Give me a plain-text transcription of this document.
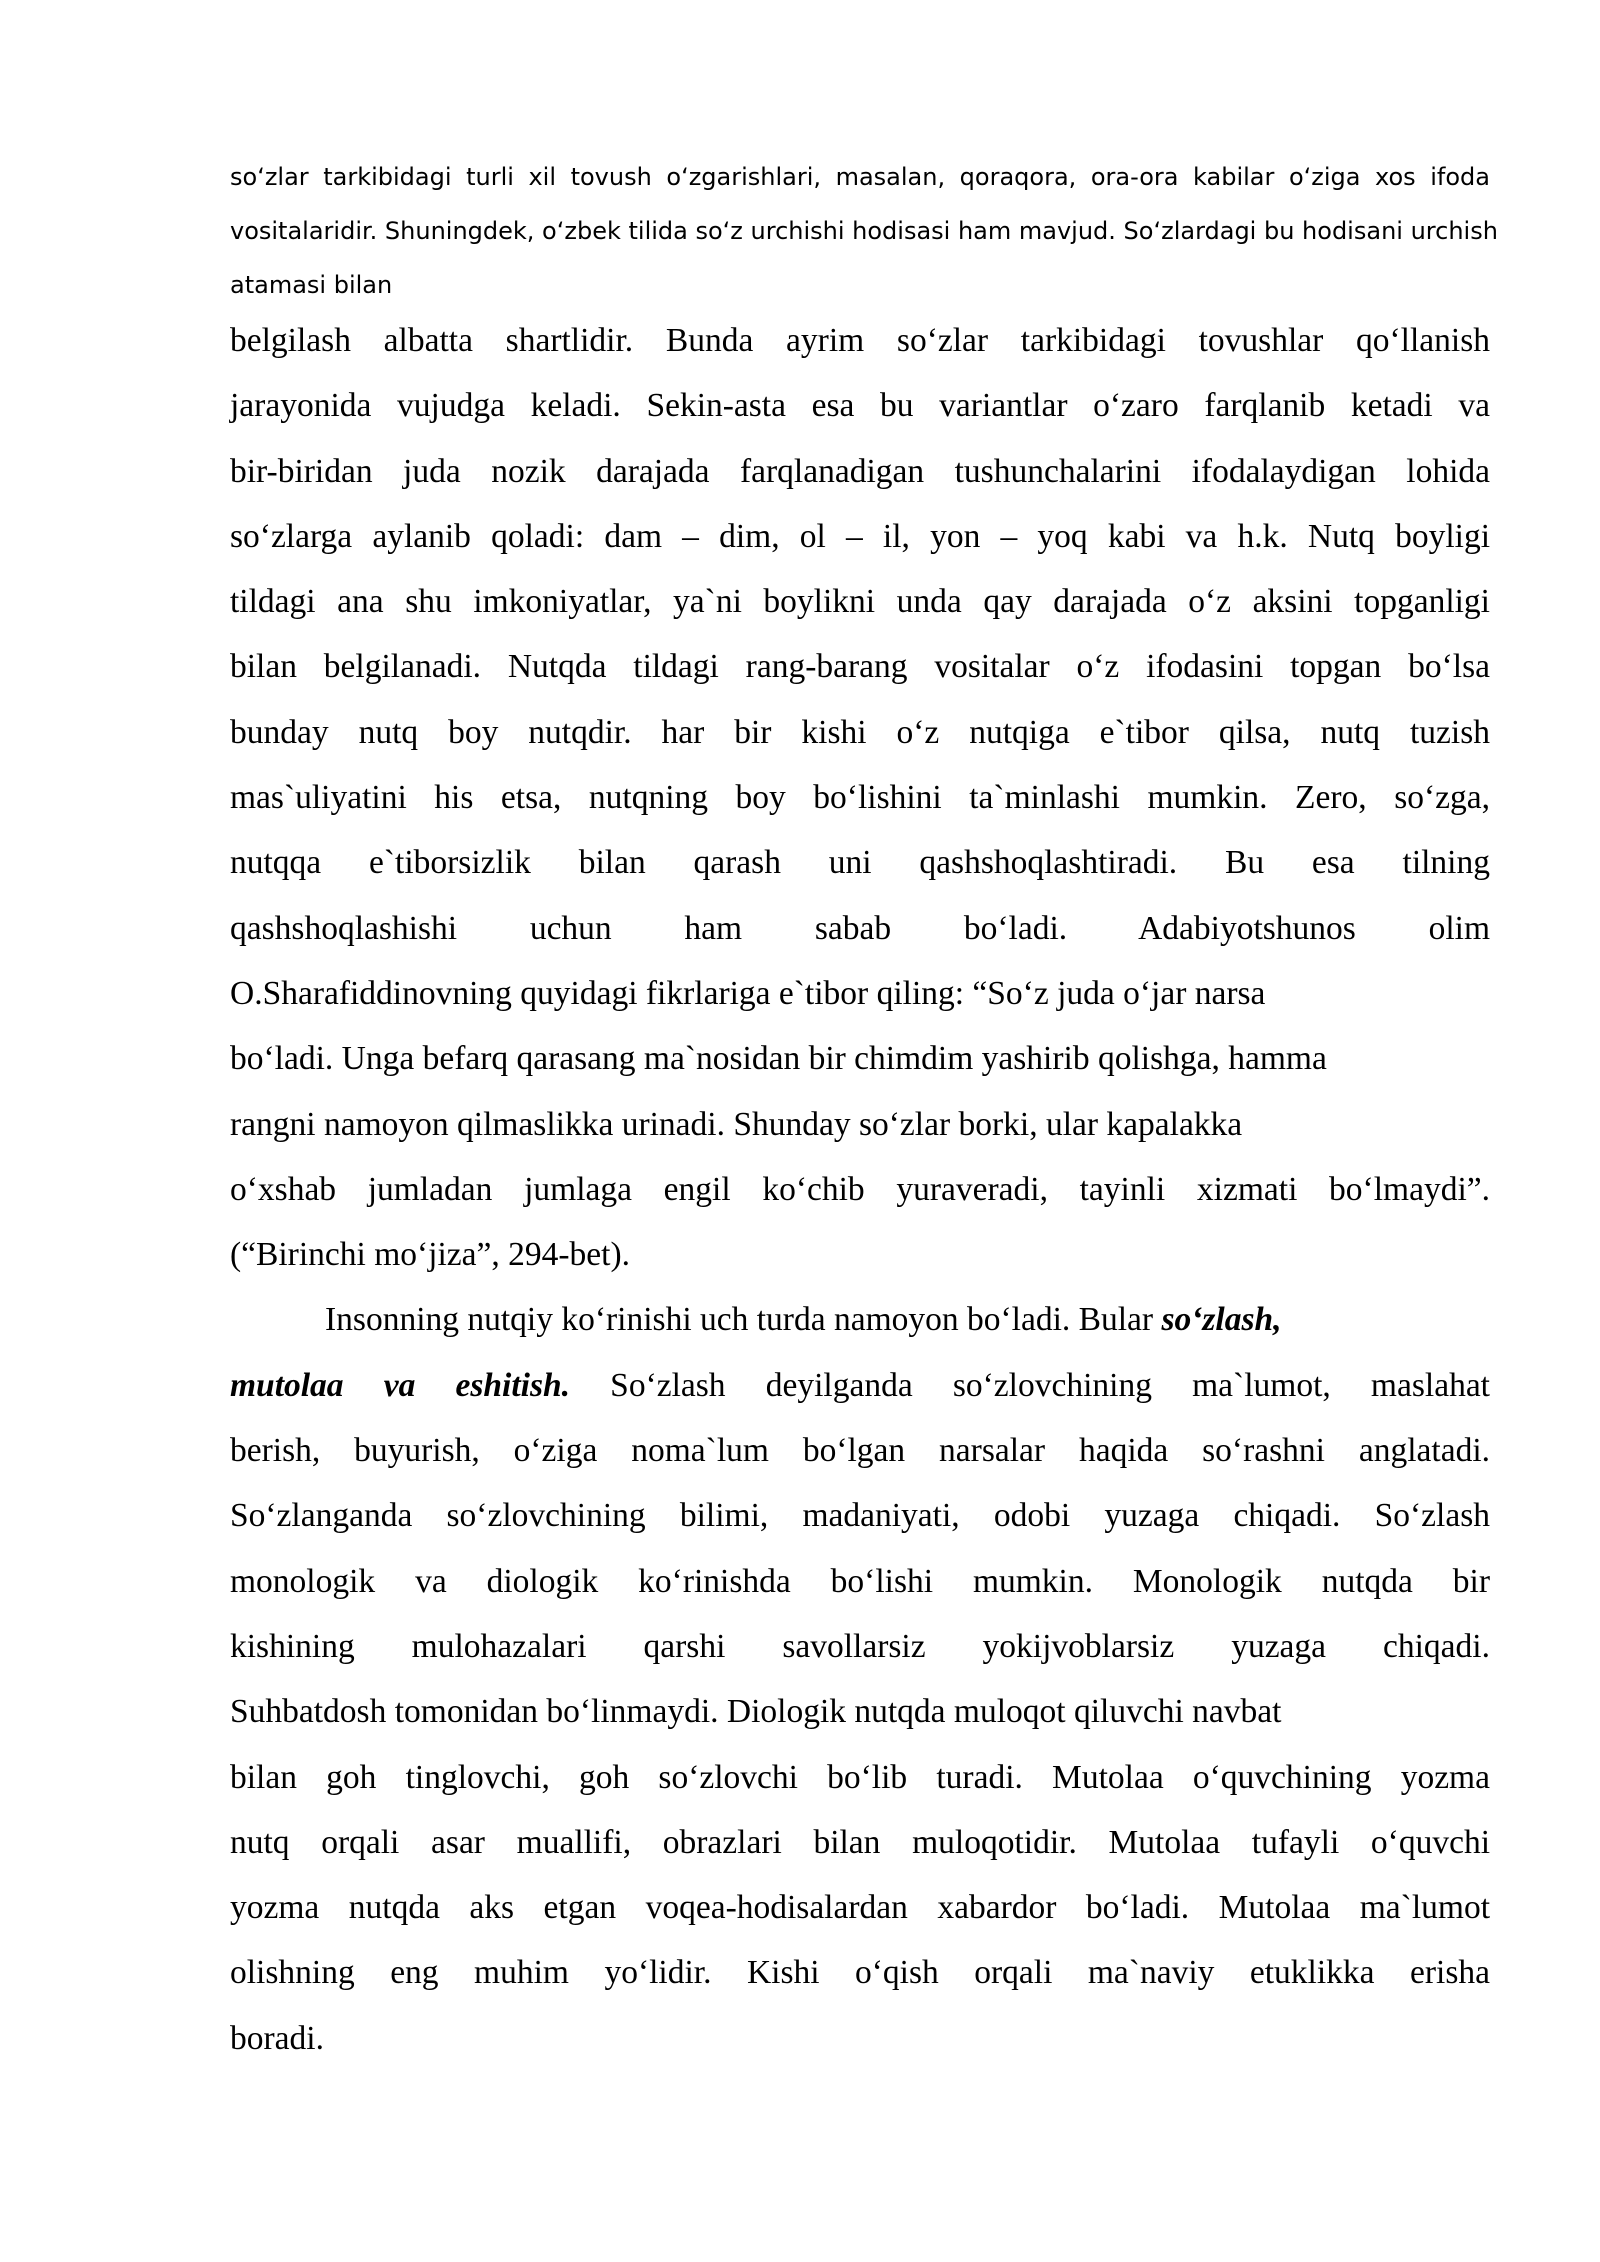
so‘zlar tarkibidagi turli xil tovush o‘zgarishlari, masalan, qoraqora, ora-ora kabilar o‘ziga xos ifoda
vositalaridir. Shuningdek, o‘zbek tilida so‘z urchishi hodisasi ham mavjud. So‘zlardagi bu hodisani urchish
atamasi bilan
belgilash albatta shartlidir. Bunda ayrim so‘zlar tarkibidagi tovushlar qo‘llanish
jarayonida vujudga keladi. Sekin-asta esa bu variantlar o‘zaro farqlanib ketadi va
bir-biridan juda nozik darajada farqlanadigan tushunchalarini ifodalaydigan lohida
so‘zlarga aylanib qoladi: dam – dim, ol – il, yon – yoq kabi va h.k. Nutq boyligi
tildagi ana shu imkoniyatlar, ya`ni boylikni unda qay darajada o‘z aksini topganligi
bilan belgilanadi. Nutqda tildagi rang-barang vositalar o‘z ifodasini topgan bo‘lsa
bunday nutq boy nutqdir. har bir kishi o‘z nutqiga e`tibor qilsa, nutq tuzish
mas`uliyatini his etsa, nutqning boy bo‘lishini ta`minlashi mumkin. Zero, so‘zga,
nutqqa e`tiborsizlik bilan qarash uni qashshoqlashtiradi. Bu esa tilning
qashshoqlashishi uchun ham sabab bo‘ladi. Adabiyotshunos olim
O.Sharafiddinovning quyidagi fikrlariga e`tibor qiling: “So‘z juda o‘jar narsa
bo‘ladi. Unga befarq qarasang ma`nosidan bir chimdim yashirib qolishga, hamma
rangni namoyon qilmaslikka urinadi. Shunday so‘zlar borki, ular kapalakka
o‘xshab jumladan jumlaga engil ko‘chib yuraveradi, tayinli xizmati bo‘lmaydi”.
(“Birinchi mo‘jiza”, 294-bet).
Insonning nutqiy ko‘rinishi uch turda namoyon bo‘ladi. Bular so‘zlash,
mutolaa va eshitish. So‘zlash deyilganda so‘zlovchining ma`lumot, maslahat
berish, buyurish, o‘ziga noma`lum bo‘lgan narsalar haqida so‘rashni anglatadi.
So‘zlanganda so‘zlovchining bilimi, madaniyati, odobi yuzaga chiqadi. So‘zlash
monologik va diologik ko‘rinishda bo‘lishi mumkin. Monologik nutqda bir
kishining mulohazalari qarshi savollarsiz yokijvoblarsiz yuzaga chiqadi.
Suhbatdosh tomonidan bo‘linmaydi. Diologik nutqda muloqot qiluvchi navbat
bilan goh tinglovchi, goh so‘zlovchi bo‘lib turadi. Mutolaa o‘quvchining yozma
nutq orqali asar muallifi, obrazlari bilan muloqotidir. Mutolaa tufayli o‘quvchi
yozma nutqda aks etgan voqea-hodisalardan xabardor bo‘ladi. Mutolaa ma`lumot
olishning eng muhim yo‘lidir. Kishi o‘qish orqali ma`naviy etuklikka erisha
boradi.
